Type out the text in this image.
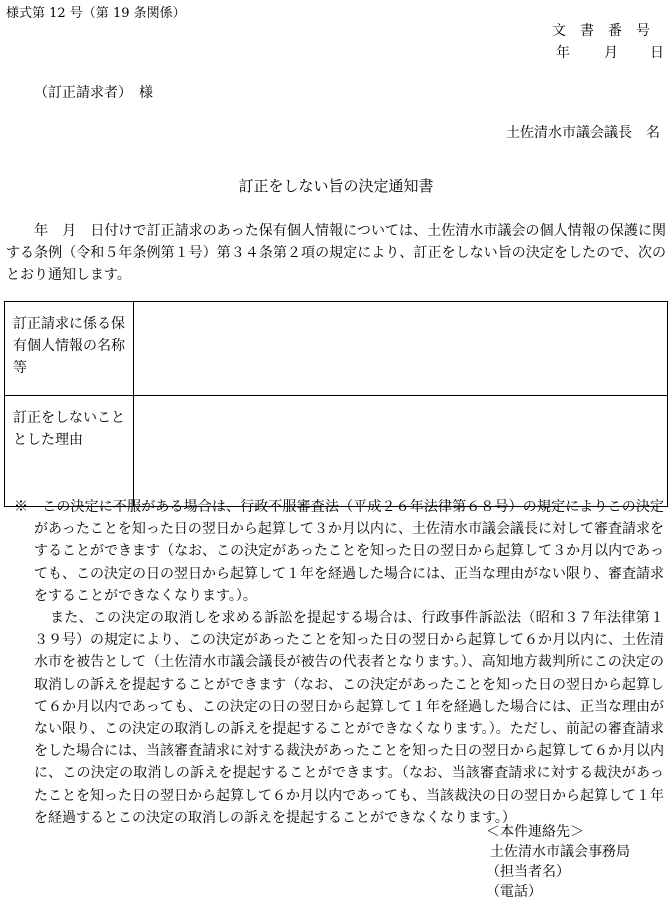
様式第 12 号（第 19 条関係）
文書番号
年 月 日
（訂正請求者）　様
土佐清水市議会議長　名
訂正をしない旨の決定通知書
　　年　月　日付けで訂正請求のあった保有個人情報については、土佐清水市議会の個人情報の保護に関する条例（令和５年条例第１号）第３４条第２項の規定により、訂正をしない旨の決定をしたので、次のとおり通知します。
訂正請求に係る保有個人情報の名称等	
訂正をしないこととした理由	

※　この決定に不服がある場合は、行政不服審査法（平成２６年法律第６８号）の規定によりこの決定があったことを知った日の翌日から起算して３か月以内に、土佐清水市議会議長に対して審査請求をすることができます（なお、この決定があったことを知った日の翌日から起算して３か月以内であっても、この決定の日の翌日から起算して１年を経過した場合には、正当な理由がない限り、審査請求をすることができなくなります。）。

また、この決定の取消しを求める訴訟を提起する場合は、行政事件訴訟法（昭和３７年法律第１３９号）の規定により、この決定があったことを知った日の翌日から起算して６か月以内に、土佐清水市を被告として（土佐清水市議会議長が被告の代表者となります。）、高知地方裁判所にこの決定の取消しの訴えを提起することができます（なお、この決定があったことを知った日の翌日から起算して６か月以内であっても、この決定の日の翌日から起算して１年を経過した場合には、正当な理由がない限り、この決定の取消しの訴えを提起することができなくなります。）。ただし、前記の審査請求をした場合には、当該審査請求に対する裁決があったことを知った日の翌日から起算して６か月以内に、この決定の取消しの訴えを提起することができます。（なお、当該審査請求に対する裁決があったことを知った日の翌日から起算して６か月以内であっても、当該裁決の日の翌日から起算して１年を経過するとこの決定の取消しの訴えを提起することができなくなります。）

＜本件連絡先＞
土佐清水市議会事務局
（担当者名）
（電話）
